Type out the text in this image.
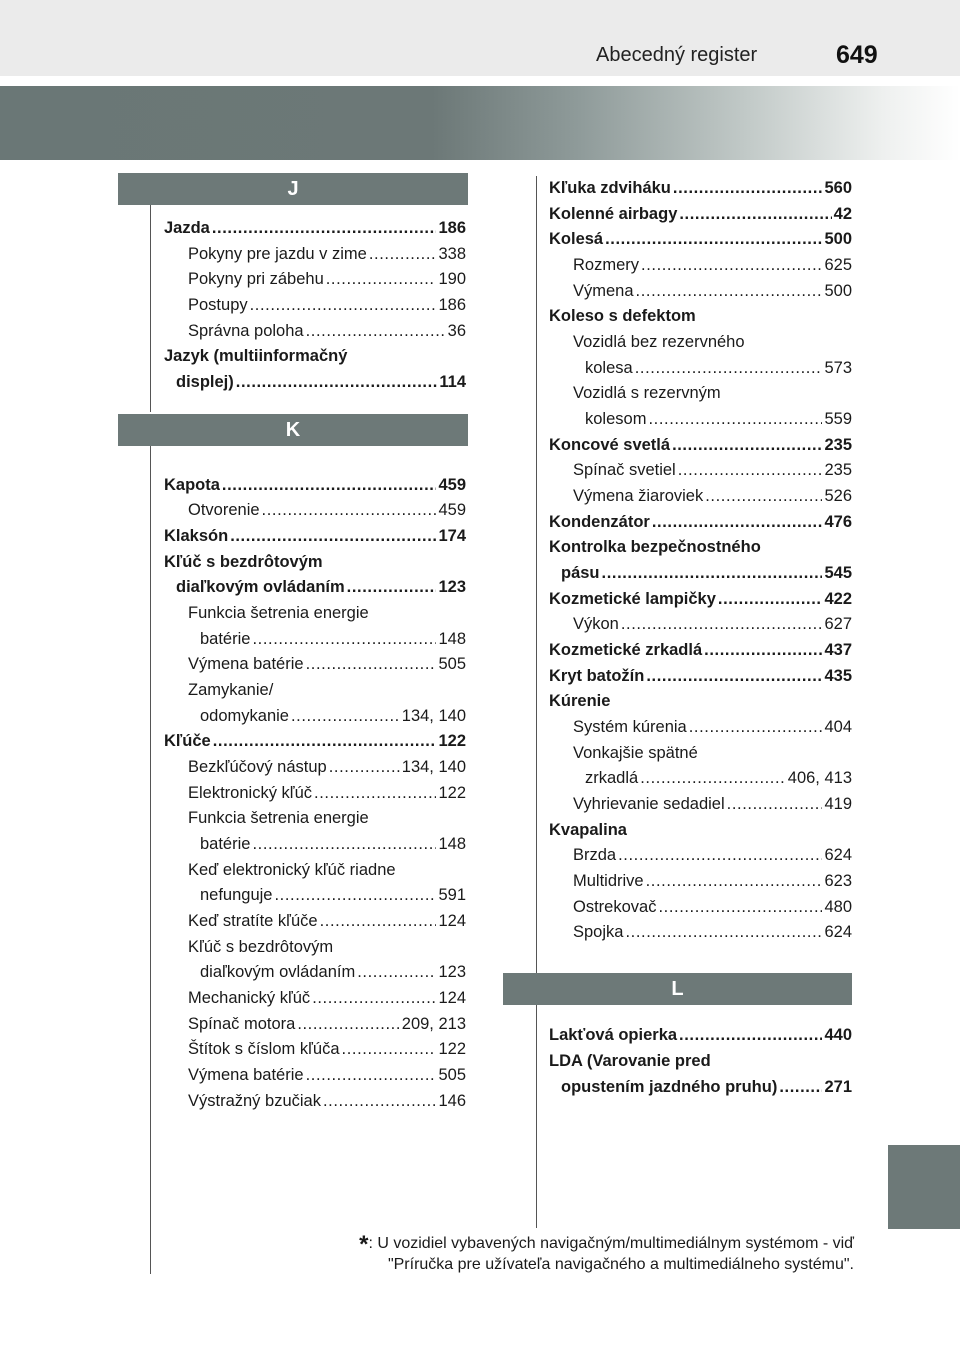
Abecedný register	649
J
K
L
Jazda .....	186
Pokyny pre jazdu v zime .....	338
Pokyny pri zábehu .....	190
Postupy .....	186
Správna poloha .....	36
Jazyk (multiinformačný
displej) .....	114
Kapota .....	459
Otvorenie .....	459
Klaksón .....	174
Kľúč s bezdrôtovým
diaľkovým ovládaním .....	123
Funkcia šetrenia energie
batérie .....	148
Výmena batérie .....	505
Zamykanie/
odomykanie .....	134, 140
Kľúče .....	122
Bezkľúčový nástup .....	134, 140
Elektronický kľúč .....	122
Funkcia šetrenia energie
batérie .....	148
Keď elektronický kľúč riadne
nefunguje .....	591
Keď stratíte kľúče .....	124
Kľúč s bezdrôtovým
diaľkovým ovládaním .....	123
Mechanický kľúč .....	124
Spínač motora .....	209, 213
Štítok s číslom kľúča .....	122
Výmena batérie .....	505
Výstražný bzučiak .....	146
Kľuka zdviháku .....	560
Kolenné airbagy .....	42
Kolesá .....	500
Rozmery .....	625
Výmena .....	500
Koleso s defektom
Vozidlá bez rezervného
kolesa .....	573
Vozidlá s rezervným
kolesom .....	559
Koncové svetlá .....	235
Spínač svetiel .....	235
Výmena žiaroviek .....	526
Kondenzátor .....	476
Kontrolka bezpečnostného
pásu .....	545
Kozmetické lampičky .....	422
Výkon .....	627
Kozmetické zrkadlá .....	437
Kryt batožín .....	435
Kúrenie
Systém kúrenia .....	404
Vonkajšie spätné
zrkadlá .....	406, 413
Vyhrievanie sedadiel .....	419
Kvapalina
Brzda .....	624
Multidrive .....	623
Ostrekovač .....	480
Spojka .....	624
Lakťová opierka .....	440
LDA (Varovanie pred
opustením jazdného pruhu) .....	271
*: U vozidiel vybavených navigačným/multimediálnym systémom - viď
"Príručka pre užívateľa navigačného a multimediálneho systému".
